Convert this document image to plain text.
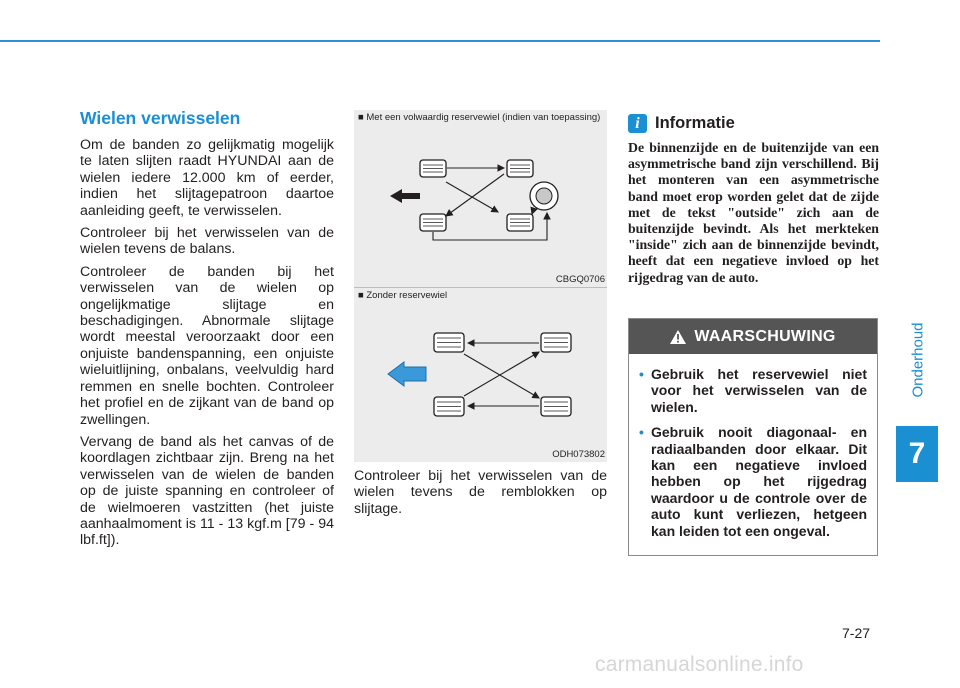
Wielen verwisselen

Om de banden zo gelijkmatig mogelijk te laten slijten raadt HYUNDAI aan de wielen iedere 12.000 km of eerder, indien het slijtagepatroon daartoe aanleiding geeft, te verwisselen.

Controleer bij het verwisselen van de wielen tevens de balans.

Controleer de banden bij het verwisselen van de wielen op ongelijkmatige slijtage en beschadigingen. Abnormale slijtage wordt meestal veroorzaakt door een onjuiste bandenspanning, een onjuiste wieluitlijning, onbalans, veelvuldig hard remmen en snelle bochten. Controleer het profiel en de zijkant van de band op zwellingen.

Vervang de band als het canvas of de koordlagen zichtbaar zijn. Breng na het verwisselen van de wielen de banden op de juiste spanning en controleer of de wielmoeren vastzitten (het juiste aanhaalmoment is 11 - 13 kgf.m [79 - 94 lbf.ft]).

■ Met een volwaardig reservewiel (indien van toepassing)
CBGQ0706
■ Zonder reservewiel
ODH073802

Controleer bij het verwisselen van de wielen tevens de remblokken op slijtage.

i Informatie

De binnenzijde en de buitenzijde van een asymmetrische band zijn verschillend. Bij het monteren van een asymmetrische band moet erop worden gelet dat de zijde met de tekst "outside" zich aan de buitenzijde bevindt. Als het merkteken "inside" zich aan de binnenzijde bevindt, heeft dat een negatieve invloed op het rijgedrag van de auto.

WAARSCHUWING
• Gebruik het reservewiel niet voor het verwisselen van de wielen.
• Gebruik nooit diagonaal- en radiaalbanden door elkaar. Dit kan een negatieve invloed hebben op het rijgedrag waardoor u de controle over de auto kunt verliezen, hetgeen kan leiden tot een ongeval.
Onderhoud
7
7-27
carmanualsonline.info
